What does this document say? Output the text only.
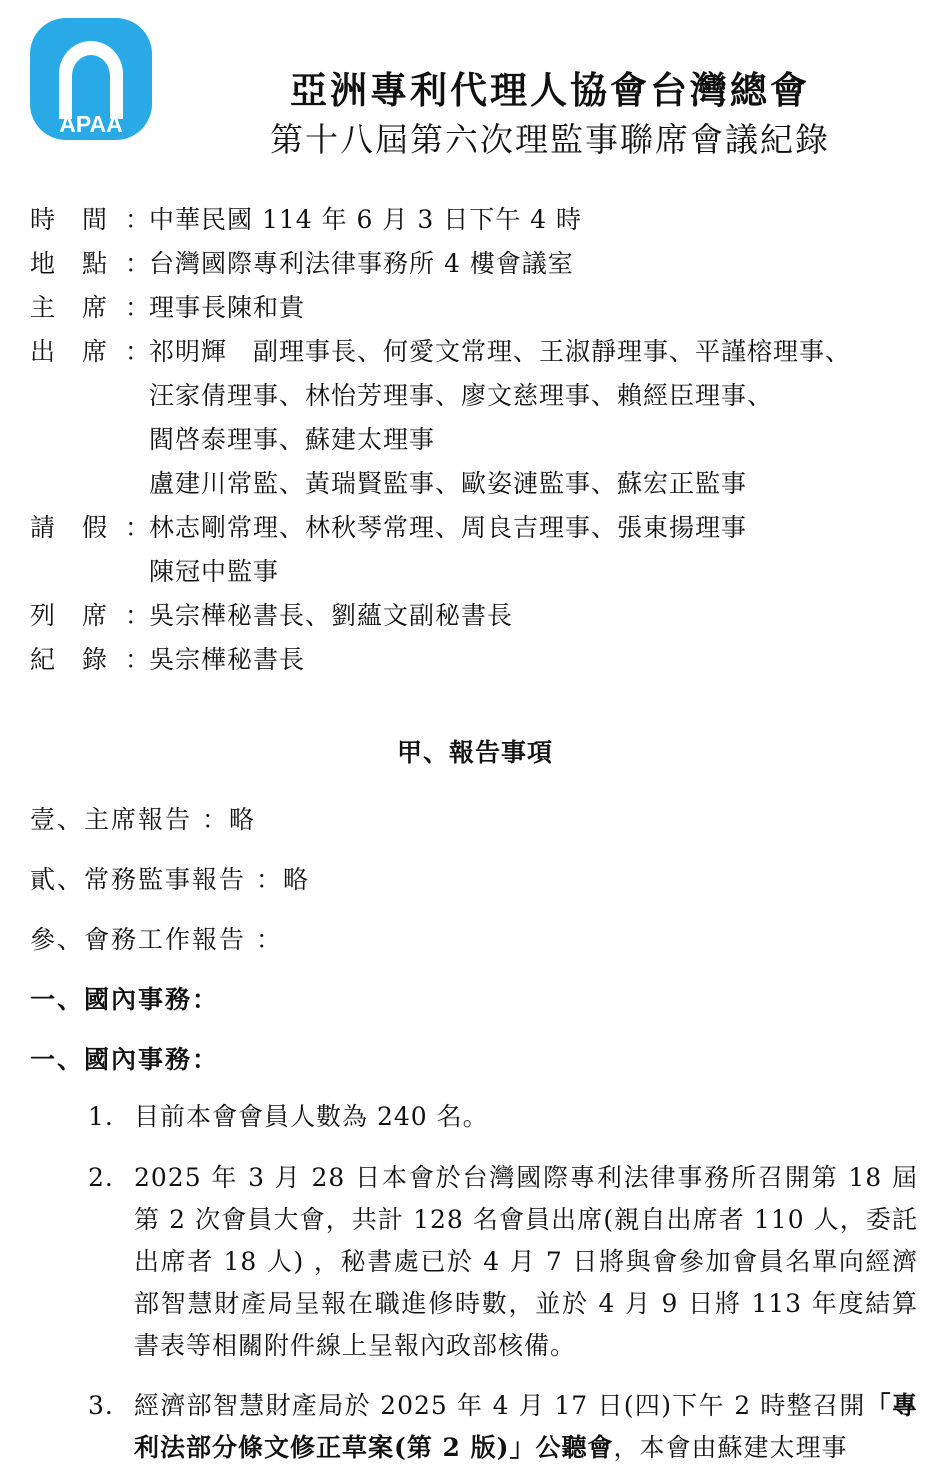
APAA
亞洲專利代理人協會台灣總會
第十八屆第六次理監事聯席會議紀錄
時　間 ：
中華民國 114 年 6 月 3 日下午 4 時
地　點 ：
台灣國際專利法律事務所 4 樓會議室
主　席 ：
理事長陳和貴
出　席 ：
祁明輝　副理事長、何愛文常理、王淑靜理事、平謹榕理事、
汪家倩理事、林怡芳理事、廖文慈理事、賴經臣理事、
閻啓泰理事、蘇建太理事
盧建川常監、黃瑞賢監事、歐姿漣監事、蘇宏正監事
請　假 ：
林志剛常理、林秋琴常理、周良吉理事、張東揚理事
陳冠中監事
列　席 ：
吳宗樺秘書長、劉蘊文副秘書長
紀　錄 ：
吳宗樺秘書長
甲、報告事項
壹、主席報告 ：略
貳、常務監事報告 ：略
參、會務工作報告 ：
一、國內事務：
一、國內事務：
1. 目前本會會員人數為 240 名。
2. 2025 年 3 月 28 日本會於台灣國際專利法律事務所召開第 18 屆第 2 次會員大會，共計 128 名會員出席(親自出席者 110 人，委託出席者 18 人) ，秘書處已於 4 月 7 日將與會參加會員名單向經濟部智慧財產局呈報在職進修時數，並於 4 月 9 日將 113 年度結算書表等相關附件線上呈報內政部核備。
3. 經濟部智慧財產局於 2025 年 4 月 17 日(四)下午 2 時整召開「專利法部分條文修正草案(第 2 版)」公聽會，本會由蘇建太理事
